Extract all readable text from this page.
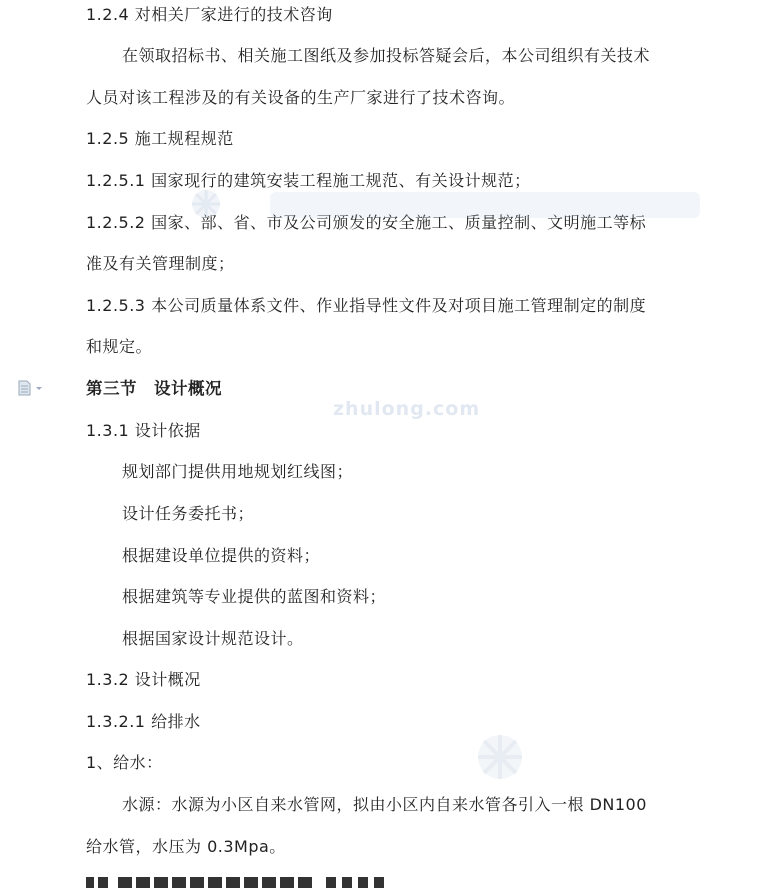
1.2.4 对相关厂家进行的技术咨询
在领取招标书、相关施工图纸及参加投标答疑会后，本公司组织有关技术
人员对该工程涉及的有关设备的生产厂家进行了技术咨询。
1.2.5 施工规程规范
1.2.5.1 国家现行的建筑安装工程施工规范、有关设计规范；
1.2.5.2 国家、部、省、市及公司颁发的安全施工、质量控制、文明施工等标
准及有关管理制度；
1.2.5.3 本公司质量体系文件、作业指导性文件及对项目施工管理制定的制度
和规定。
第三节　设计概况
1.3.1 设计依据
规划部门提供用地规划红线图；
设计任务委托书；
根据建设单位提供的资料；
根据建筑等专业提供的蓝图和资料；
根据国家设计规范设计。
1.3.2 设计概况
1.3.2.1 给排水
1、给水：
水源：水源为小区自来水管网，拟由小区内自来水管各引入一根 DN100
给水管，水压为 0.3Mpa。
zhulong.com
